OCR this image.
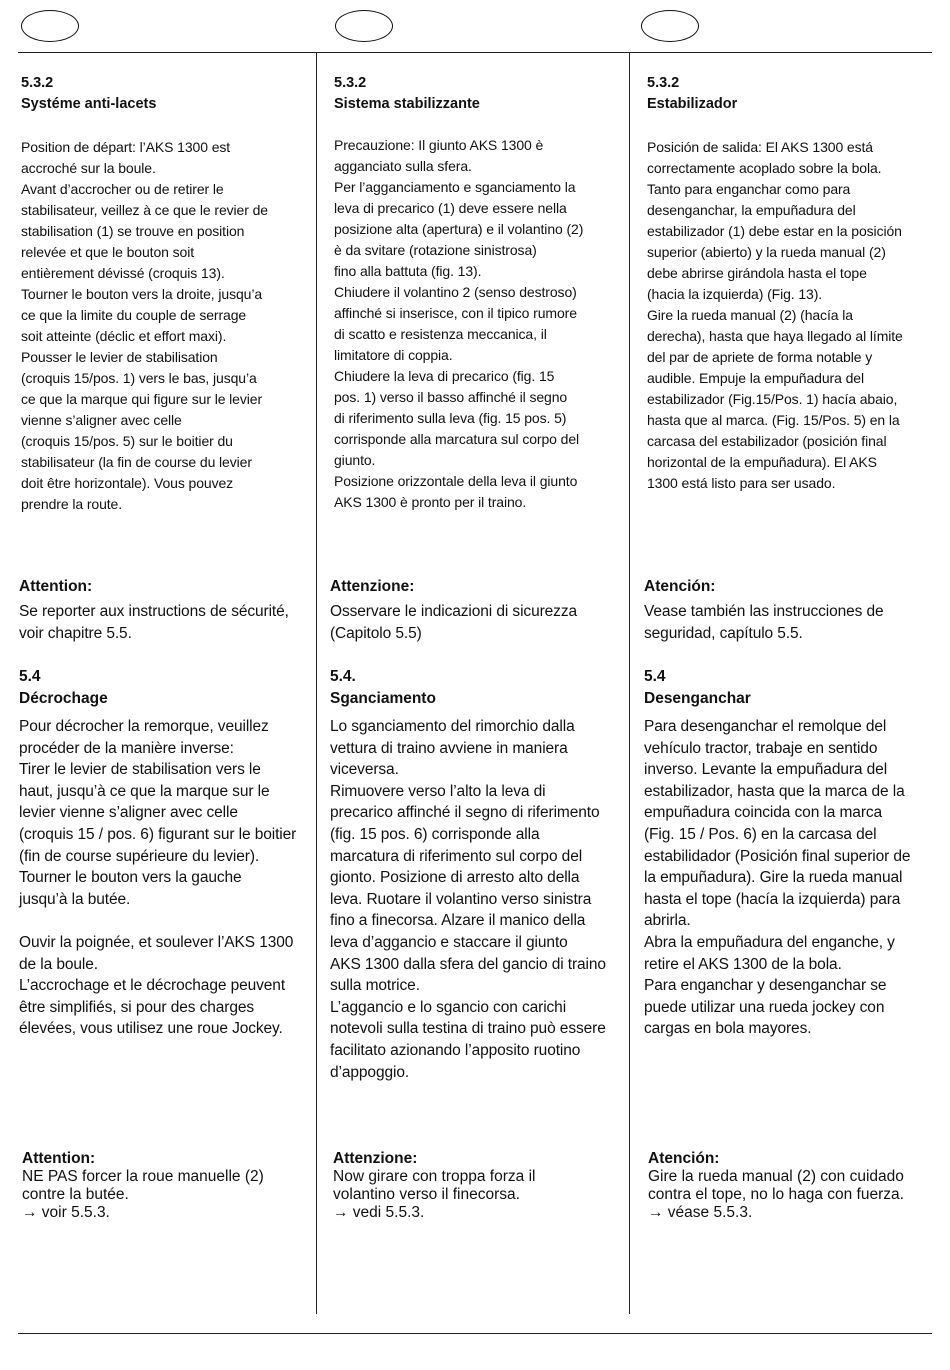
5.3.2
Systéme anti-lacets
Position de départ: l’AKS 1300 est
accroché sur la boule.
Avant d’accrocher ou de retirer le
stabilisateur, veillez à ce que le revier de
stabilisation (1) se trouve en position
relevée et que le bouton soit
entièrement dévissé (croquis 13).
Tourner le bouton vers la droite, jusqu’a
ce que la limite du couple de serrage
soit atteinte (déclic et effort maxi).
Pousser le levier de stabilisation
(croquis 15/pos. 1) vers le bas, jusqu’a
ce que la marque qui figure sur le levier
vienne s’aligner avec celle
(croquis 15/pos. 5) sur le boitier du
stabilisateur (la fin de course du levier
doit être horizontale). Vous pouvez
prendre la route.
Attention:
Se reporter aux instructions de sécurité,
voir chapitre 5.5.
5.4
Décrochage
Pour décrocher la remorque, veuillez
procéder de la manière inverse:
Tirer le levier de stabilisation vers le
haut, jusqu’à ce que la marque sur le
levier vienne s’aligner avec celle
(croquis 15 / pos. 6) figurant sur le boitier
(fin de course supérieure du levier).
Tourner le bouton vers la gauche
jusqu’à la butée.

Ouvir la poignée, et soulever l’AKS 1300
de la boule.
L’accrochage et le décrochage peuvent
être simplifiés, si pour des charges
élevées, vous utilisez une roue Jockey.
Attention:
NE PAS forcer la roue manuelle (2)
contre la butée.
→ voir 5.5.3.
5.3.2
Sistema stabilizzante
Precauzione: Il giunto AKS 1300 è
agganciato sulla sfera.
Per l’agganciamento e sganciamento la
leva di precarico (1) deve essere nella
posizione alta (apertura) e il volantino (2)
è da svitare (rotazione sinistrosa)
fino alla battuta (fig. 13).
Chiudere il volantino 2 (senso destroso)
affinché si inserisce, con il tipico rumore
di scatto e resistenza meccanica, il
limitatore di coppia.
Chiudere la leva di precarico (fig. 15
pos. 1) verso il basso affinché il segno
di riferimento sulla leva (fig. 15 pos. 5)
corrisponde alla marcatura sul corpo del
giunto.
Posizione orizzontale della leva il giunto
AKS 1300 è pronto per il traino.
Attenzione:
Osservare le indicazioni di sicurezza
(Capitolo 5.5)
5.4.
Sganciamento
Lo sganciamento del rimorchio dalla
vettura di traino avviene in maniera
viceversa.
Rimuovere verso l’alto la leva di
precarico affinché il segno di riferimento
(fig. 15 pos. 6) corrisponde alla
marcatura di riferimento sul corpo del
gionto. Posizione di arresto alto della
leva. Ruotare il volantino verso sinistra
fino a finecorsa. Alzare il manico della
leva d’aggancio e staccare il giunto
AKS 1300 dalla sfera del gancio di traino
sulla motrice.
L’aggancio e lo sgancio con carichi
notevoli sulla testina di traino può essere
facilitato azionando l’apposito ruotino
d’appoggio.
Attenzione:
Now girare con troppa forza il
volantino verso il finecorsa.
→ vedi 5.5.3.
5.3.2
Estabilizador
Posición de salida: El AKS 1300 está
correctamente acoplado sobre la bola.
Tanto para enganchar como para
desenganchar, la empuñadura del
estabilizador (1) debe estar en la posición
superior (abierto) y la rueda manual (2)
debe abrirse girándola hasta el tope
(hacia la izquierda) (Fig. 13).
Gire la rueda manual (2) (hacía la
derecha), hasta que haya llegado al límite
del par de apriete de forma notable y
audible. Empuje la empuñadura del
estabilizador (Fig.15/Pos. 1) hacía abaio,
hasta que al marca. (Fig. 15/Pos. 5) en la
carcasa del estabilizador (posición final
horizontal de la empuñadura). El AKS
1300 está listo para ser usado.
Atención:
Vease también las instrucciones de
seguridad, capítulo 5.5.
5.4
Desenganchar
Para desenganchar el remolque del
vehículo tractor, trabaje en sentido
inverso. Levante la empuñadura del
estabilizador, hasta que la marca de la
empuñadura coincida con la marca
(Fig. 15 / Pos. 6) en la carcasa del
estabilidador (Posición final superior de
la empuñadura). Gire la rueda manual
hasta el tope (hacía la izquierda) para
abrirla.
Abra la empuñadura del enganche, y
retire el AKS 1300 de la bola.
Para enganchar y desenganchar se
puede utilizar una rueda jockey con
cargas en bola mayores.
Atención:
Gire la rueda manual (2) con cuidado
contra el tope, no lo haga con fuerza.
→ véase 5.5.3.
